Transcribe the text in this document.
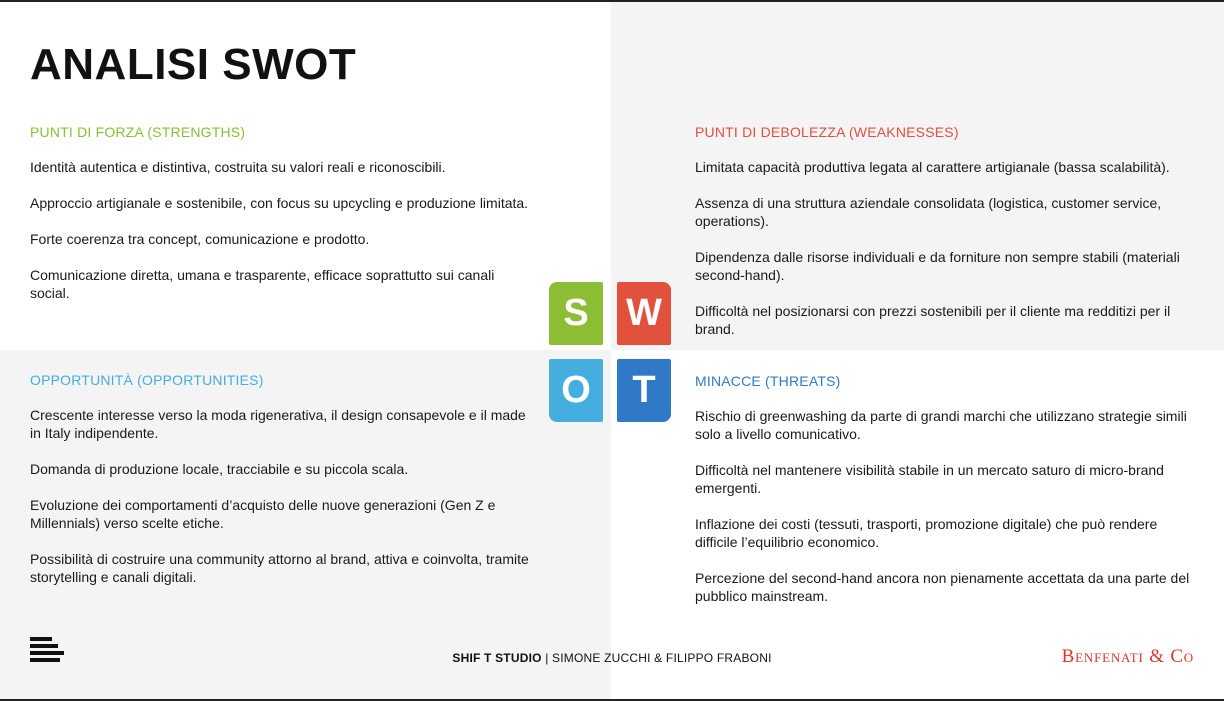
ANALISI SWOT
PUNTI DI FORZA (STRENGTHS)
Identità autentica e distintiva, costruita su valori reali e riconoscibili.
Approccio artigianale e sostenibile, con focus su upcycling e produzione limitata.
Forte coerenza tra concept, comunicazione e prodotto.
Comunicazione diretta, umana e trasparente, efficace soprattutto sui canali social.
PUNTI DI DEBOLEZZA (WEAKNESSES)
Limitata capacità produttiva legata al carattere artigianale (bassa scalabilità).
Assenza di una struttura aziendale consolidata (logistica, customer service, operations).
Dipendenza dalle risorse individuali e da forniture non sempre stabili (materiali second-hand).
Difficoltà nel posizionarsi con prezzi sostenibili per il cliente ma redditizi per il brand.
OPPORTUNITÀ (OPPORTUNITIES)
Crescente interesse verso la moda rigenerativa, il design consapevole e il made in Italy indipendente.
Domanda di produzione locale, tracciabile e su piccola scala.
Evoluzione dei comportamenti d’acquisto delle nuove generazioni (Gen Z e Millennials) verso scelte etiche.
Possibilità di costruire una community attorno al brand, attiva e coinvolta, tramite storytelling e canali digitali.
MINACCE (THREATS)
Rischio di greenwashing da parte di grandi marchi che utilizzano strategie simili solo a livello comunicativo.
Difficoltà nel mantenere visibilità stabile in un mercato saturo di micro-brand emergenti.
Inflazione dei costi (tessuti, trasporti, promozione digitale) che può rendere difficile l’equilibrio economico.
Percezione del second-hand ancora non pienamente accettata da una parte del pubblico mainstream.
S W
O	T
SHIF T STUDIO | SIMONE ZUCCHI & FILIPPO FRABONI	Benfenati & Co
